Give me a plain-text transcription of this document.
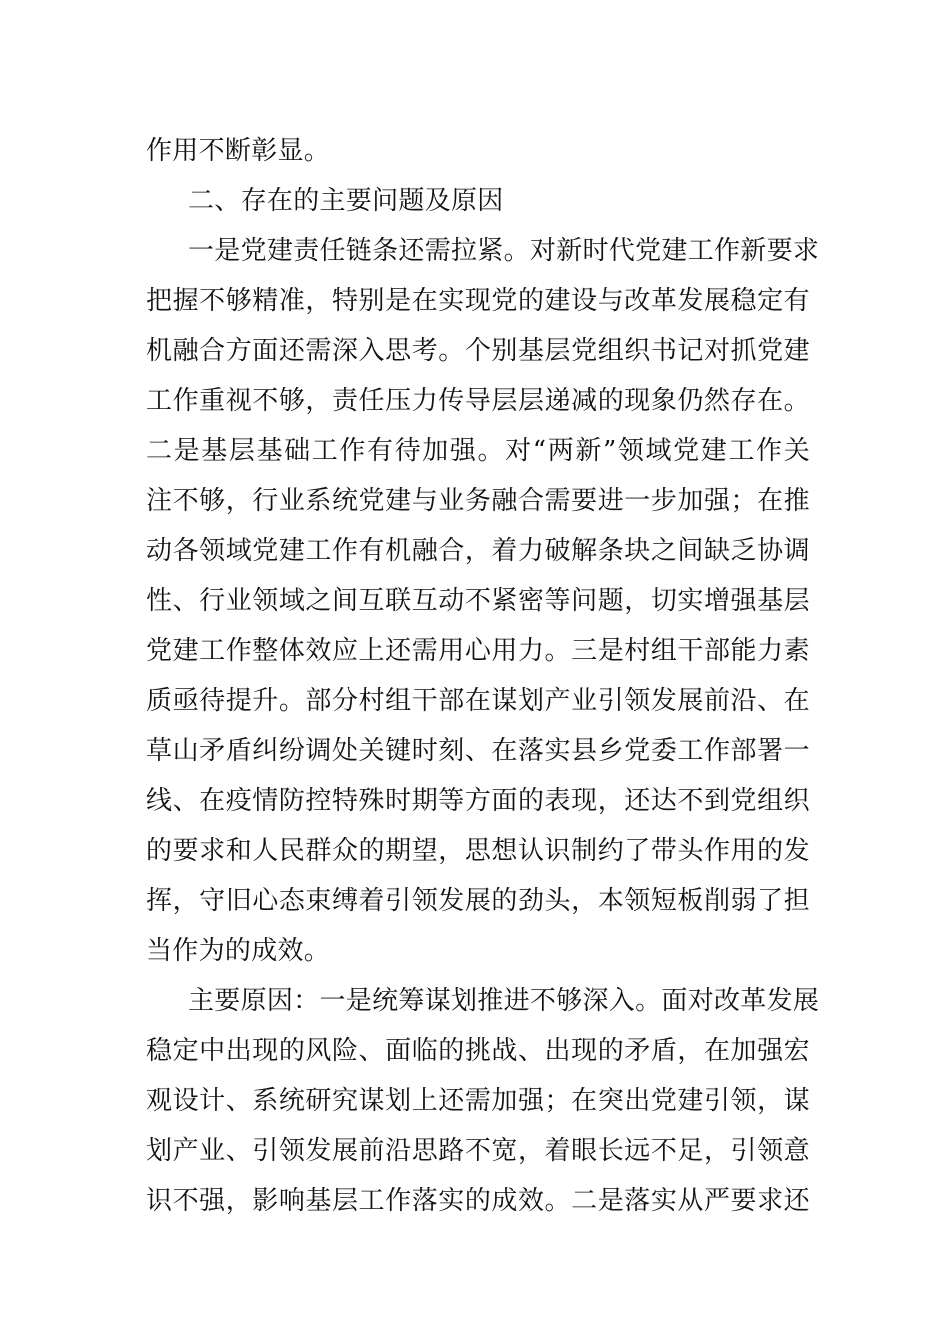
作用不断彰显。
二、存在的主要问题及原因
一是党建责任链条还需拉紧。对新时代党建工作新要求
把握不够精准，特别是在实现党的建设与改革发展稳定有
机融合方面还需深入思考。个别基层党组织书记对抓党建
工作重视不够，责任压力传导层层递减的现象仍然存在。
二是基层基础工作有待加强。对“两新”领域党建工作关
注不够，行业系统党建与业务融合需要进一步加强；在推
动各领域党建工作有机融合，着力破解条块之间缺乏协调
性、行业领域之间互联互动不紧密等问题，切实增强基层
党建工作整体效应上还需用心用力。三是村组干部能力素
质亟待提升。部分村组干部在谋划产业引领发展前沿、在
草山矛盾纠纷调处关键时刻、在落实县乡党委工作部署一
线、在疫情防控特殊时期等方面的表现，还达不到党组织
的要求和人民群众的期望，思想认识制约了带头作用的发
挥，守旧心态束缚着引领发展的劲头，本领短板削弱了担
当作为的成效。
主要原因：一是统筹谋划推进不够深入。面对改革发展
稳定中出现的风险、面临的挑战、出现的矛盾，在加强宏
观设计、系统研究谋划上还需加强；在突出党建引领，谋
划产业、引领发展前沿思路不宽，着眼长远不足，引领意
识不强，影响基层工作落实的成效。二是落实从严要求还
